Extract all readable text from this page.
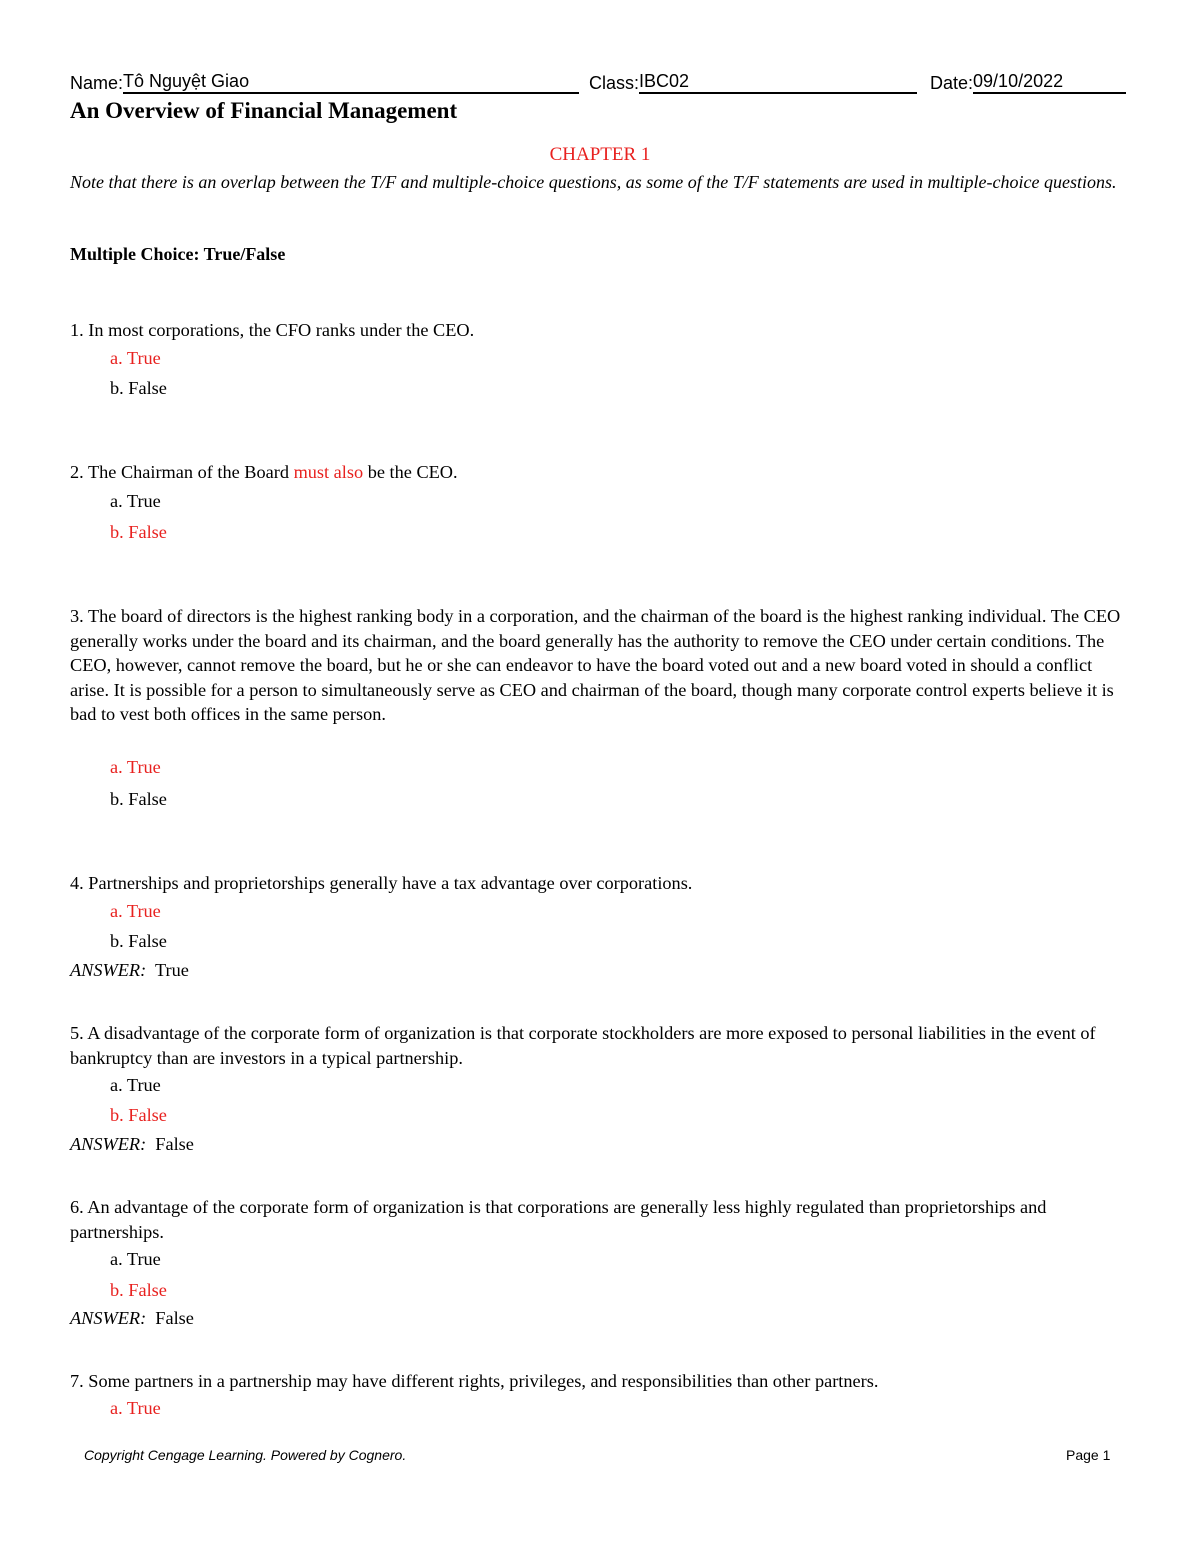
Name:Tô Nguyệt Giao	Class:IBC02	Date:09/10/2022
An Overview of Financial Management
CHAPTER 1
Note that there is an overlap between the T/F and multiple-choice questions, as some of the T/F statements are used in multiple-choice questions.
Multiple Choice: True/False

1. In most corporations, the CFO ranks under the CEO.

a. True
b. False

2. The Chairman of the Board must also be the CEO.

a. True
b. False

3. The board of directors is the highest ranking body in a corporation, and the chairman of the board is the highest ranking individual. The CEO generally works under the board and its chairman, and the board generally has the authority to remove the CEO under certain conditions. The CEO, however, cannot remove the board, but he or she can endeavor to have the board voted out and a new board voted in should a conflict arise. It is possible for a person to simultaneously serve as CEO and chairman of the board, though many corporate control experts believe it is bad to vest both offices in the same person.

a. True
b. False

4. Partnerships and proprietorships generally have a tax advantage over corporations.

a. True
b. False
ANSWER: True

5. A disadvantage of the corporate form of organization is that corporate stockholders are more exposed to personal liabilities in the event of bankruptcy than are investors in a typical partnership.

a. True
b. False
ANSWER: False

6. An advantage of the corporate form of organization is that corporations are generally less highly regulated than proprietorships and partnerships.

a. True
b. False
ANSWER: False

7. Some partners in a partnership may have different rights, privileges, and responsibilities than other partners.

a. True
Copyright Cengage Learning. Powered by Cognero.	Page 1
